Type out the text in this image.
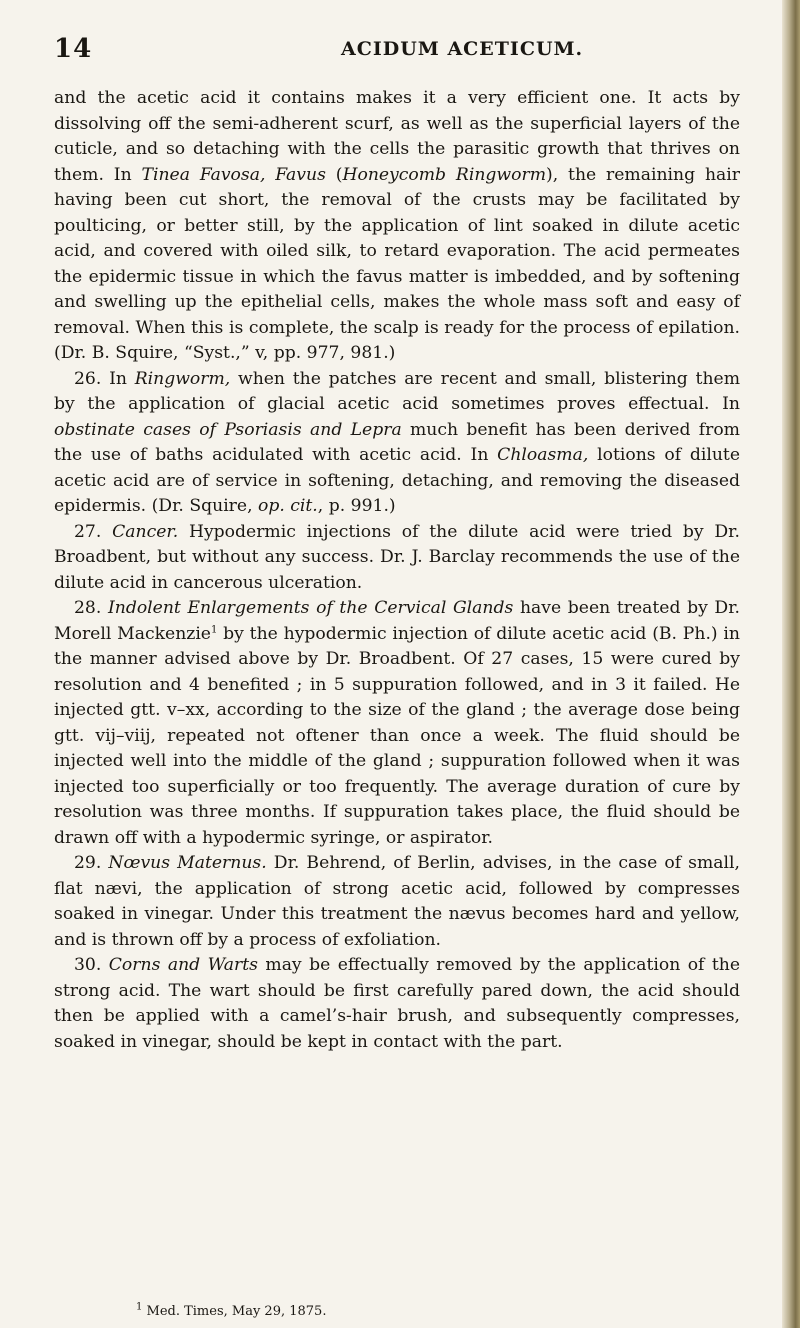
14	ACIDUM ACETICUM.

and the acetic acid it contains makes it a very efficient one. It acts by dissolving off the semi-adherent scurf, as well as the superficial layers of the cuticle, and so detaching with the cells the parasitic growth that thrives on them. In Tinea Favosa, Favus (Honeycomb Ringworm), the remaining hair having been cut short, the removal of the crusts may be facilitated by poulticing, or better still, by the application of lint soaked in dilute acetic acid, and covered with oiled silk, to retard evaporation. The acid permeates the epidermic tissue in which the favus matter is imbedded, and by softening and swelling up the epithelial cells, makes the whole mass soft and easy of removal. When this is complete, the scalp is ready for the process of epilation. (Dr. B. Squire, “Syst.,” v, pp. 977, 981.)

26. In Ringworm, when the patches are recent and small, blistering them by the application of glacial acetic acid sometimes proves effectual. In obstinate cases of Psoriasis and Lepra much benefit has been derived from the use of baths acidulated with acetic acid. In Chloasma, lotions of dilute acetic acid are of service in softening, detaching, and removing the diseased epidermis. (Dr. Squire, op. cit., p. 991.)

27. Cancer. Hypodermic injections of the dilute acid were tried by Dr. Broadbent, but without any success. Dr. J. Barclay recommends the use of the dilute acid in cancerous ulceration.

28. Indolent Enlargements of the Cervical Glands have been treated by Dr. Morell Mackenzie$^1$ by the hypodermic injection of dilute acetic acid (B. Ph.) in the manner advised above by Dr. Broadbent. Of 27 cases, 15 were cured by resolution and 4 benefited ; in 5 suppuration followed, and in 3 it failed. He injected gtt. v–xx, according to the size of the gland ; the average dose being gtt. vij–viij, repeated not oftener than once a week. The fluid should be injected well into the middle of the gland ; suppuration followed when it was injected too superficially or too frequently. The average duration of cure by resolution was three months. If suppuration takes place, the fluid should be drawn off with a hypodermic syringe, or aspirator.

29. Nœvus Maternus. Dr. Behrend, of Berlin, advises, in the case of small, flat nævi, the application of strong acetic acid, followed by compresses soaked in vinegar. Under this treatment the nævus becomes hard and yellow, and is thrown off by a process of exfoliation.

30. Corns and Warts may be effectually removed by the application of the strong acid. The wart should be first carefully pared down, the acid should then be applied with a camel’s-hair brush, and subsequently compresses, soaked in vinegar, should be kept in contact with the part.

$^1$ Med. Times, May 29, 1875.
